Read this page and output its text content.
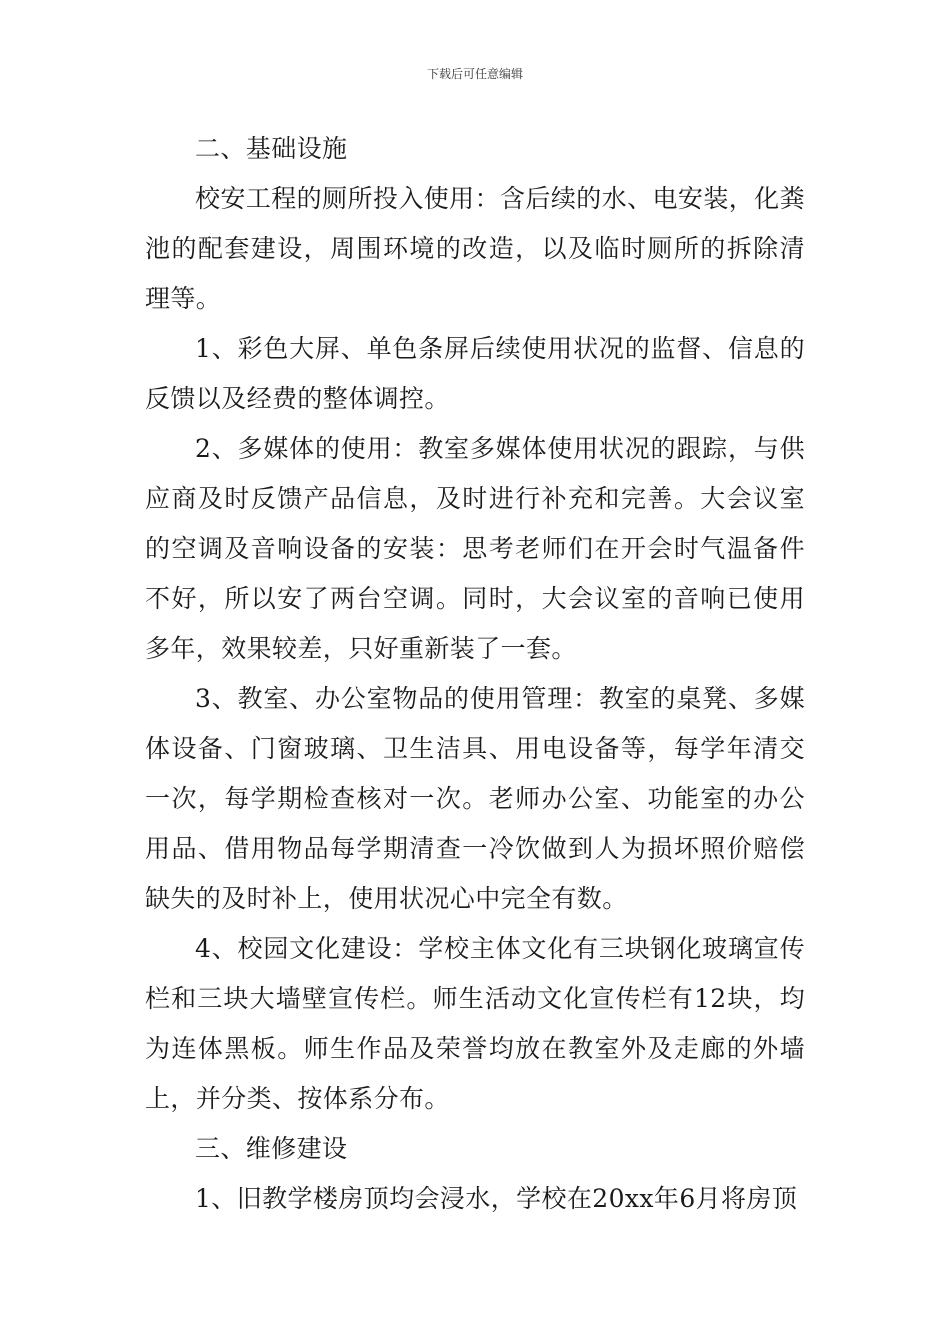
下载后可任意编辑

二、基础设施

校安工程的厕所投入使用：含后续的水、电安装，化粪池的配套建设，周围环境的改造，以及临时厕所的拆除清理等。

1、彩色大屏、单色条屏后续使用状况的监督、信息的反馈以及经费的整体调控。

2、多媒体的使用：教室多媒体使用状况的跟踪，与供应商及时反馈产品信息，及时进行补充和完善。大会议室的空调及音响设备的安装：思考老师们在开会时气温备件不好，所以安了两台空调。同时，大会议室的音响已使用多年，效果较差，只好重新装了一套。

3、教室、办公室物品的使用管理：教室的桌凳、多媒体设备、门窗玻璃、卫生洁具、用电设备等，每学年清交一次，每学期检查核对一次。老师办公室、功能室的办公用品、借用物品每学期清查一冷饮做到人为损坏照价赔偿缺失的及时补上，使用状况心中完全有数。

4、校园文化建设：学校主体文化有三块钢化玻璃宣传栏和三块大墙壁宣传栏。师生活动文化宣传栏有12块，均为连体黑板。师生作品及荣誉均放在教室外及走廊的外墙上，并分类、按体系分布。

三、维修建设

1、旧教学楼房顶均会浸水，学校在20xx年6月将房顶
